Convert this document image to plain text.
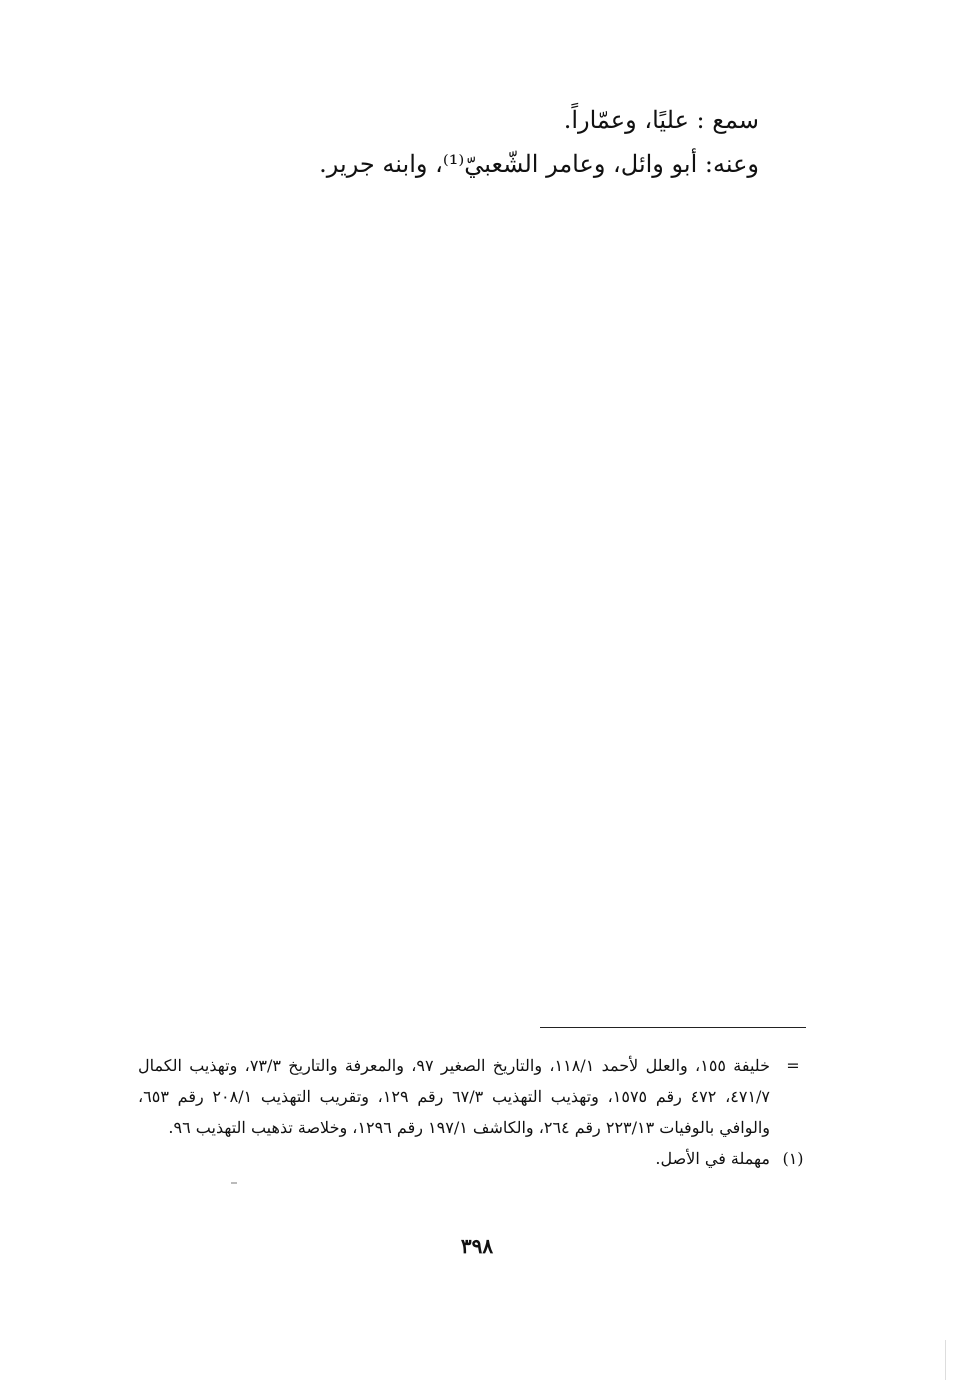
سمع : عليًا، وعمّاراً.
وعنه: أبو وائل، وعامر الشّعبيّ⁽¹⁾، وابنه جرير.
=
خليفة ١٥٥، والعلل لأحمد ١١٨/١، والتاريخ الصغير ٩٧، والمعرفة والتاريخ ٧٣/٣، وتهذيب الكمال ٤٧١/٧، ٤٧٢ رقم ١٥٧٥، وتهذيب التهذيب ٦٧/٣ رقم ١٢٩، وتقريب التهذيب ٢٠٨/١ رقم ٦٥٣، والوافي بالوفيات ٢٢٣/١٣ رقم ٢٦٤، والكاشف ١٩٧/١ رقم ١٢٩٦، وخلاصة تذهيب التهذيب ٩٦.
(١)
مهملة في الأصل.
٣٩٨
